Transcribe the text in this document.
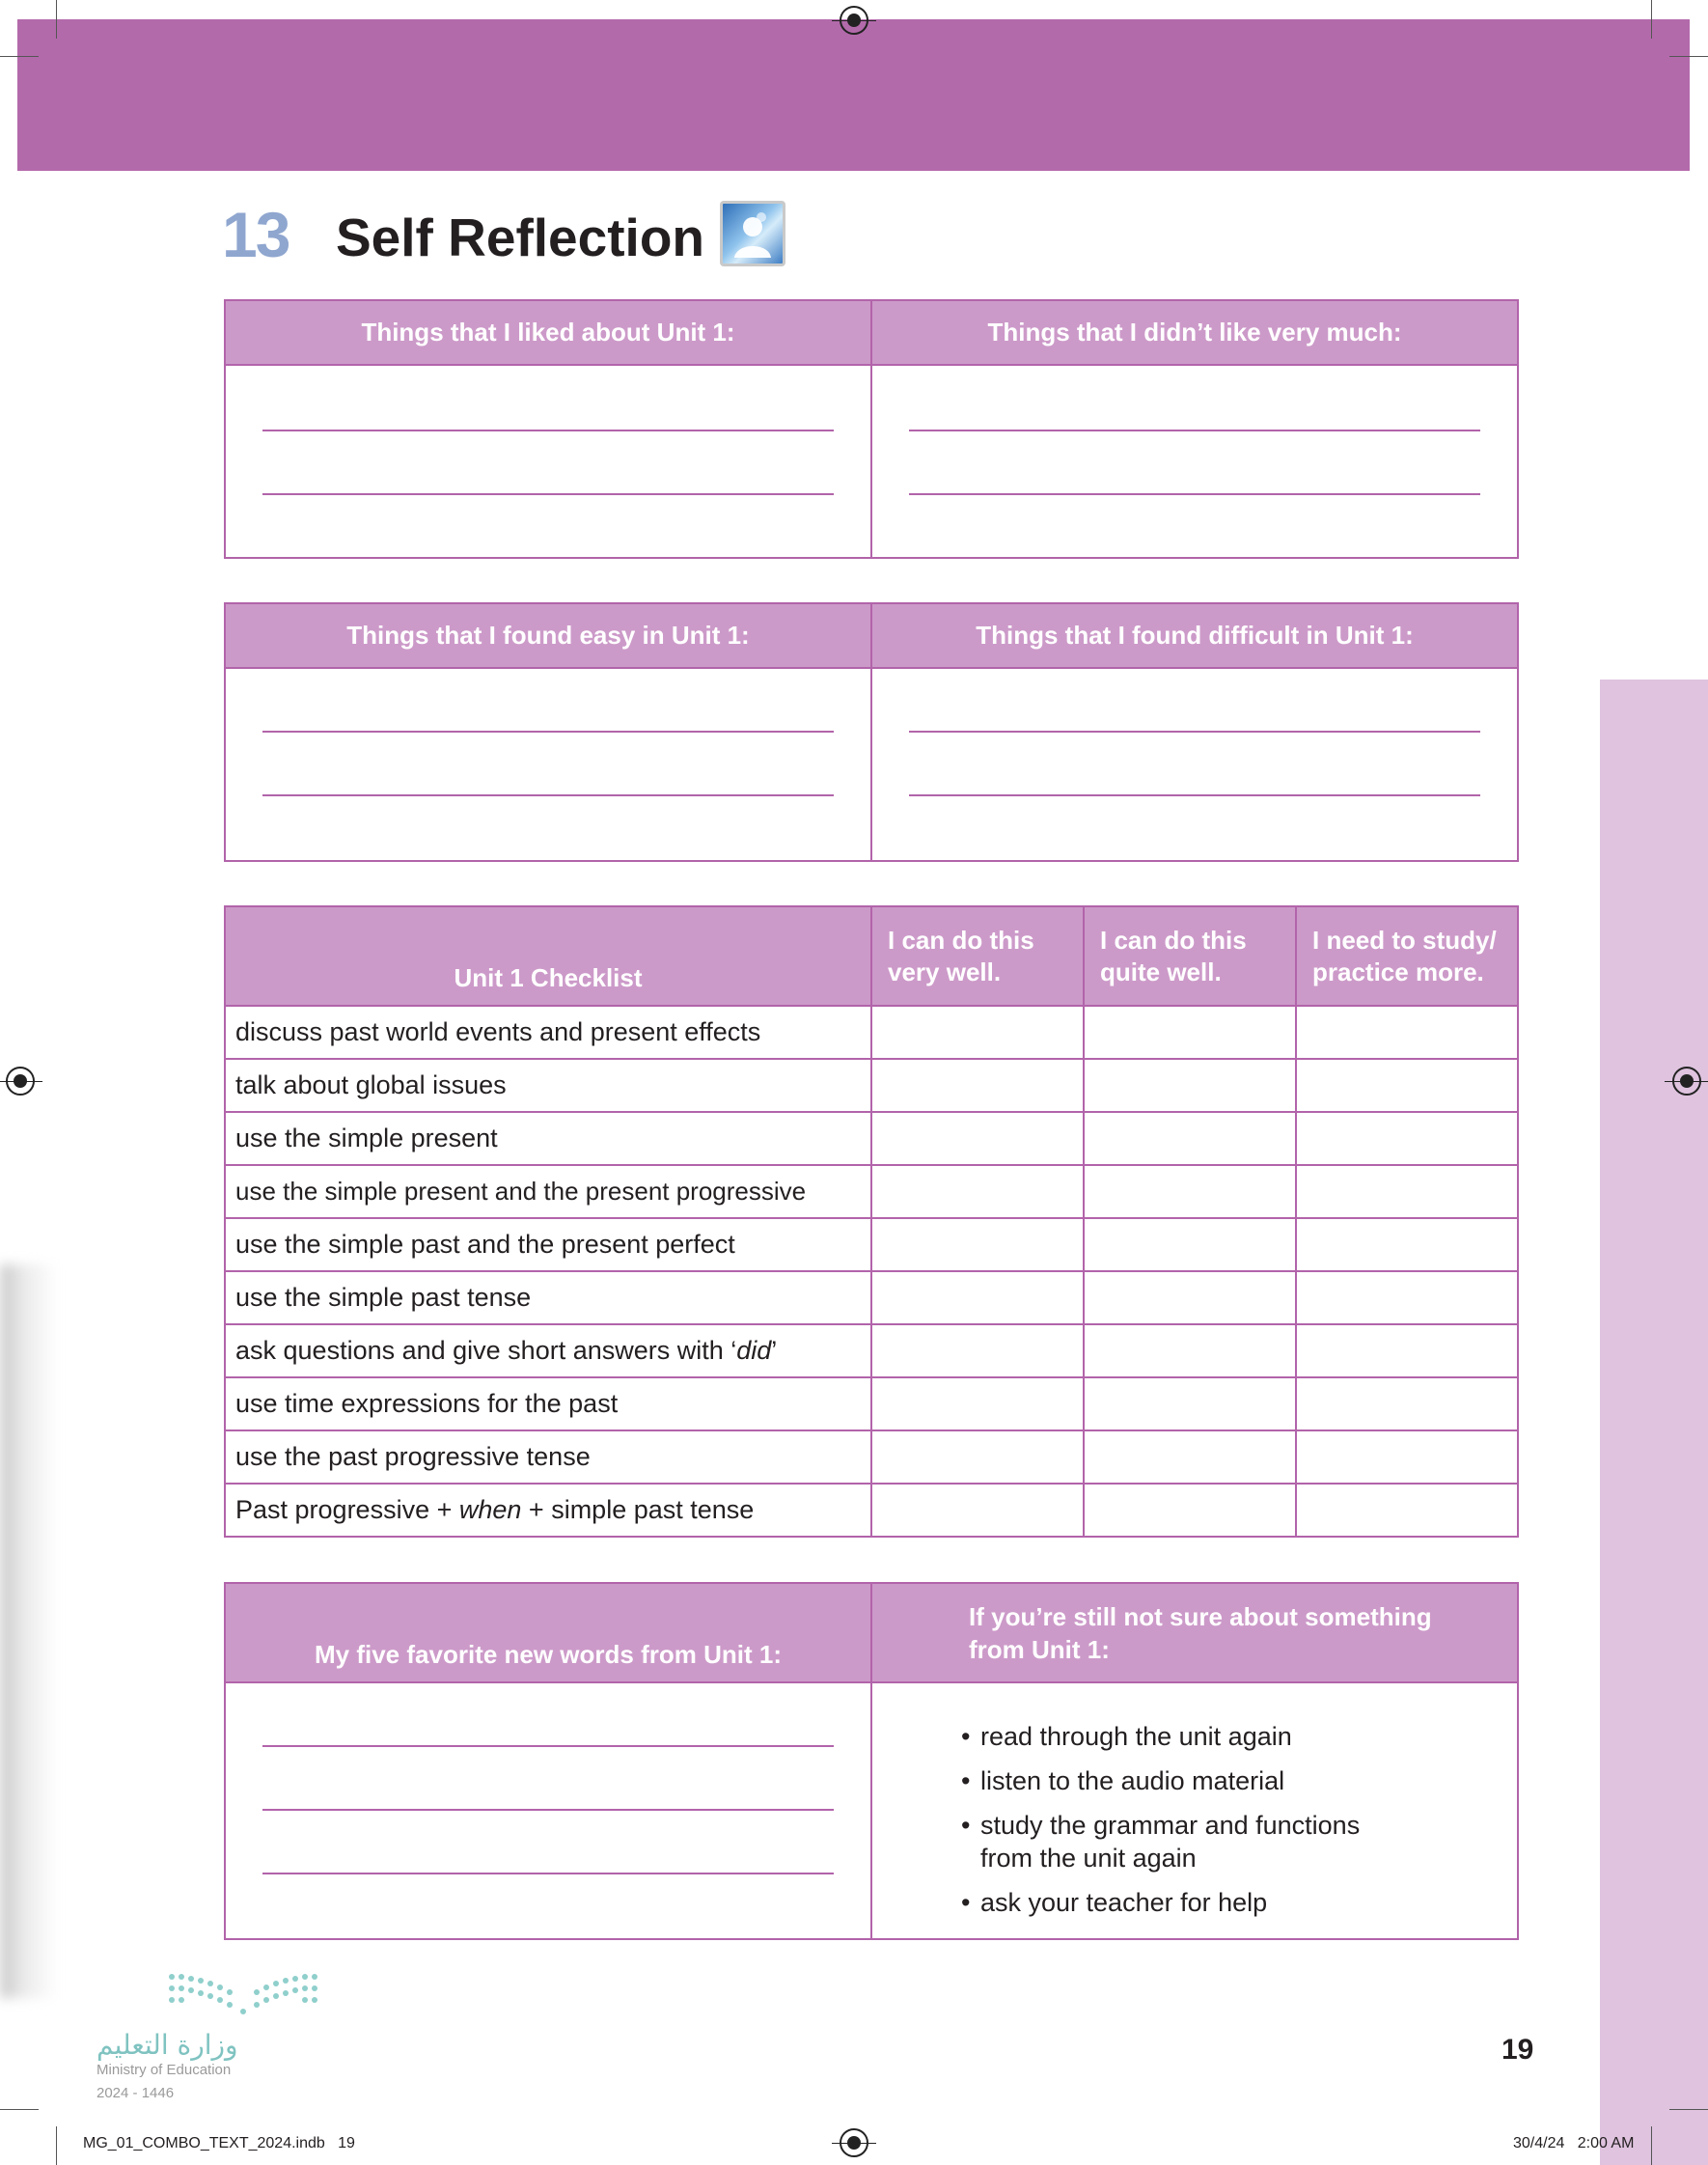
13 Self Reflection
Things that I liked about Unit 1:	Things that I didn’t like very much:

Things that I found easy in Unit 1:	Things that I found difficult in Unit 1:

Unit 1 Checklist	I can do this very well.	I can do this quite well.	I need to study/ practice more.
discuss past world events and present effects			
talk about global issues			
use the simple present			
use the simple present and the present progressive			
use the simple past and the present perfect			
use the simple past tense			
ask questions and give short answers with ‘did’			
use time expressions for the past			
use the past progressive tense			
Past progressive + when + simple past tense			
My five favorite new words from Unit 1:	If you’re still not sure about something from Unit 1:

	• read through the unit again
• listen to the audio material
• study the grammar and functions from the unit again
• ask your teacher for help
وزارة التعليم
Ministry of Education
2024 - 1446
19
MG_01_COMBO_TEXT_2024.indb   19	30/4/24   2:00 AM
